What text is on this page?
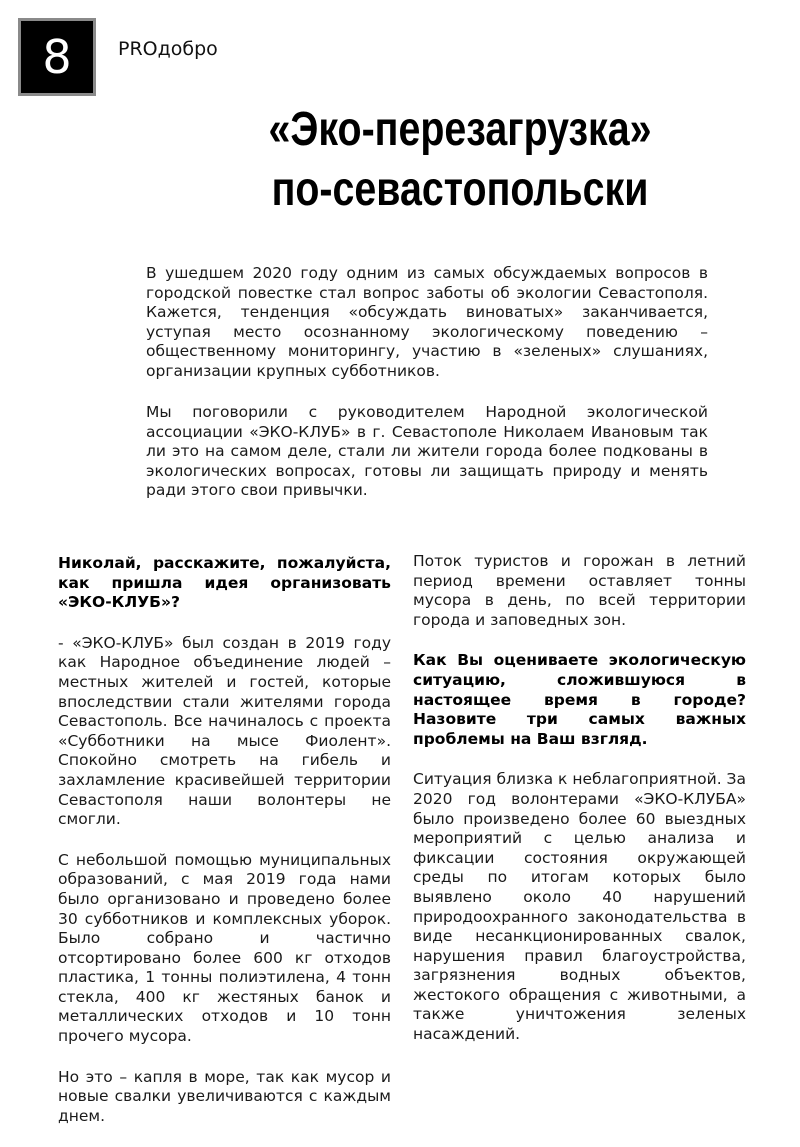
8 PROдобро
«Эко-перезагрузка»
по-севастопольски

В ушедшем 2020 году одним из самых обсуждаемых вопросов в городской повестке стал вопрос заботы об экологии Севастополя. Кажется, тенденция «обсуждать виноватых» заканчивается, уступая место осознанному экологическому поведению – общественному мониторингу, участию в «зеленых» слушаниях, организации крупных субботников.

Мы поговорили с руководителем Народной экологической ассоциации «ЭКО-КЛУБ» в г. Севастополе Николаем Ивановым так ли это на самом деле, стали ли жители города более подкованы в экологических вопросах, готовы ли защищать природу и менять ради этого свои привычки.

Николай, расскажите, пожалуйста, как пришла идея организовать «ЭКО-КЛУБ»?

- «ЭКО-КЛУБ» был создан в 2019 году как Народное объединение людей – местных жителей и гостей, которые впоследствии стали жителями города Севастополь. Все начиналось с проекта «Субботники на мысе Фиолент». Спокойно смотреть на гибель и захламление красивейшей территории Севастополя наши волонтеры не смогли.

С небольшой помощью муниципальных образований, с мая 2019 года нами было организовано и проведено более 30 субботников и комплексных уборок. Было собрано и частично отсортировано более 600 кг отходов пластика, 1 тонны полиэтилена, 4 тонн стекла, 400 кг жестяных банок и металлических отходов и 10 тонн прочего мусора.

Но это – капля в море, так как мусор и новые свалки увеличиваются с каждым днем.

Поток туристов и горожан в летний период времени оставляет тонны мусора в день, по всей территории города и заповедных зон.

Как Вы оцениваете экологическую ситуацию, сложившуюся в настоящее время в городе? Назовите три самых важных проблемы на Ваш взгляд.

Ситуация близка к неблагоприятной. За 2020 год волонтерами «ЭКО-КЛУБА» было произведено более 60 выездных мероприятий с целью анализа и фиксации состояния окружающей среды по итогам которых было выявлено около 40 нарушений природоохранного законодательства в виде несанкционированных свалок, нарушения правил благоустройства, загрязнения водных объектов, жестокого обращения с животными, а также уничтожения зеленых насаждений.
